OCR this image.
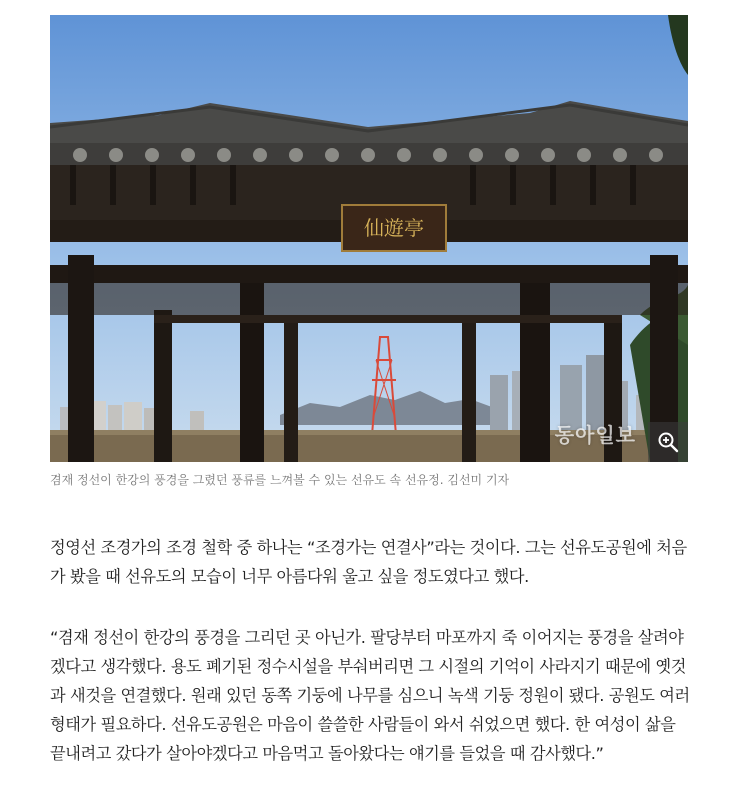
仙遊亭
동아일보
겸재 정선이 한강의 풍경을 그렸던 풍류를 느껴볼 수 있는 선유도 속 선유정. 김선미 기자

정영선 조경가의 조경 철학 중 하나는 “조경가는 연결사”라는 것이다. 그는 선유도공원에 처음 가 봤을 때 선유도의 모습이 너무 아름다워 울고 싶을 정도였다고 했다.

“겸재 정선이 한강의 풍경을 그리던 곳 아닌가. 팔당부터 마포까지 죽 이어지는 풍경을 살려야겠다고 생각했다. 용도 폐기된 정수시설을 부숴버리면 그 시절의 기억이 사라지기 때문에 옛것과 새것을 연결했다. 원래 있던 동쪽 기둥에 나무를 심으니 녹색 기둥 정원이 됐다. 공원도 여러 형태가 필요하다. 선유도공원은 마음이 쓸쓸한 사람들이 와서 쉬었으면 했다. 한 여성이 삶을 끝내려고 갔다가 살아야겠다고 마음먹고 돌아왔다는 얘기를 들었을 때 감사했다.”
